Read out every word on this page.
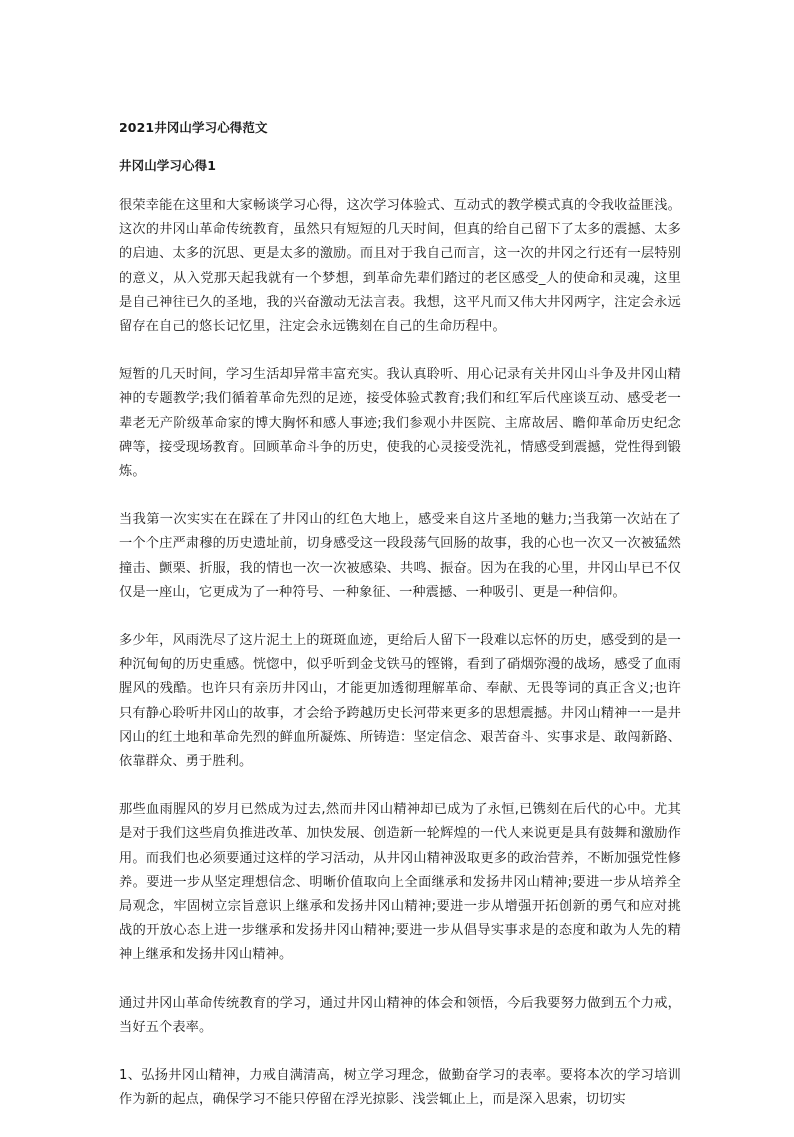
2021井冈山学习心得范文

井冈山学习心得1

很荣幸能在这里和大家畅谈学习心得，这次学习体验式、互动式的教学模式真的令我收益匪浅。这次的井冈山革命传统教育，虽然只有短短的几天时间，但真的给自己留下了太多的震撼、太多的启迪、太多的沉思、更是太多的激励。而且对于我自己而言，这一次的井冈之行还有一层特别的意义，从入党那天起我就有一个梦想，到革命先辈们踏过的老区感受_人的使命和灵魂，这里是自己神往已久的圣地，我的兴奋激动无法言表。我想，这平凡而又伟大井冈两字，注定会永远留存在自己的悠长记忆里，注定会永远镌刻在自己的生命历程中。

短暂的几天时间，学习生活却异常丰富充实。我认真聆听、用心记录有关井冈山斗争及井冈山精神的专题教学;我们循着革命先烈的足迹，接受体验式教育;我们和红军后代座谈互动、感受老一辈老无产阶级革命家的博大胸怀和感人事迹;我们参观小井医院、主席故居、瞻仰革命历史纪念碑等，接受现场教育。回顾革命斗争的历史，使我的心灵接受洗礼，情感受到震撼，党性得到锻炼。

当我第一次实实在在踩在了井冈山的红色大地上，感受来自这片圣地的魅力;当我第一次站在了一个个庄严肃穆的历史遗址前，切身感受这一段段荡气回肠的故事，我的心也一次又一次被猛然撞击、颤栗、折服，我的情也一次一次被感染、共鸣、振奋。因为在我的心里，井冈山早已不仅仅是一座山，它更成为了一种符号、一种象征、一种震撼、一种吸引、更是一种信仰。

多少年，风雨洗尽了这片泥土上的斑斑血迹，更给后人留下一段难以忘怀的历史，感受到的是一种沉甸甸的历史重感。恍惚中，似乎听到金戈铁马的铿锵，看到了硝烟弥漫的战场，感受了血雨腥风的残酷。也许只有亲历井冈山，才能更加透彻理解革命、奉献、无畏等词的真正含义;也许只有静心聆听井冈山的故事，才会给予跨越历史长河带来更多的思想震撼。井冈山精神一一是井冈山的红土地和革命先烈的鲜血所凝炼、所铸造：坚定信念、艰苦奋斗、实事求是、敢闯新路、依靠群众、勇于胜利。

那些血雨腥风的岁月已然成为过去,然而井冈山精神却已成为了永恒,已镌刻在后代的心中。尤其是对于我们这些肩负推进改革、加快发展、创造新一轮辉煌的一代人来说更是具有鼓舞和激励作用。而我们也必须要通过这样的学习活动，从井冈山精神汲取更多的政治营养，不断加强党性修养。要进一步从坚定理想信念、明晰价值取向上全面继承和发扬井冈山精神;要进一步从培养全局观念，牢固树立宗旨意识上继承和发扬井冈山精神;要进一步从增强开拓创新的勇气和应对挑战的开放心态上进一步继承和发扬井冈山精神;要进一步从倡导实事求是的态度和敢为人先的精神上继承和发扬井冈山精神。

通过井冈山革命传统教育的学习，通过井冈山精神的体会和领悟，今后我要努力做到五个力戒，当好五个表率。

1、弘扬井冈山精神，力戒自满清高，树立学习理念，做勤奋学习的表率。要将本次的学习培训作为新的起点，确保学习不能只停留在浮光掠影、浅尝辄止上，而是深入思索，切切实
